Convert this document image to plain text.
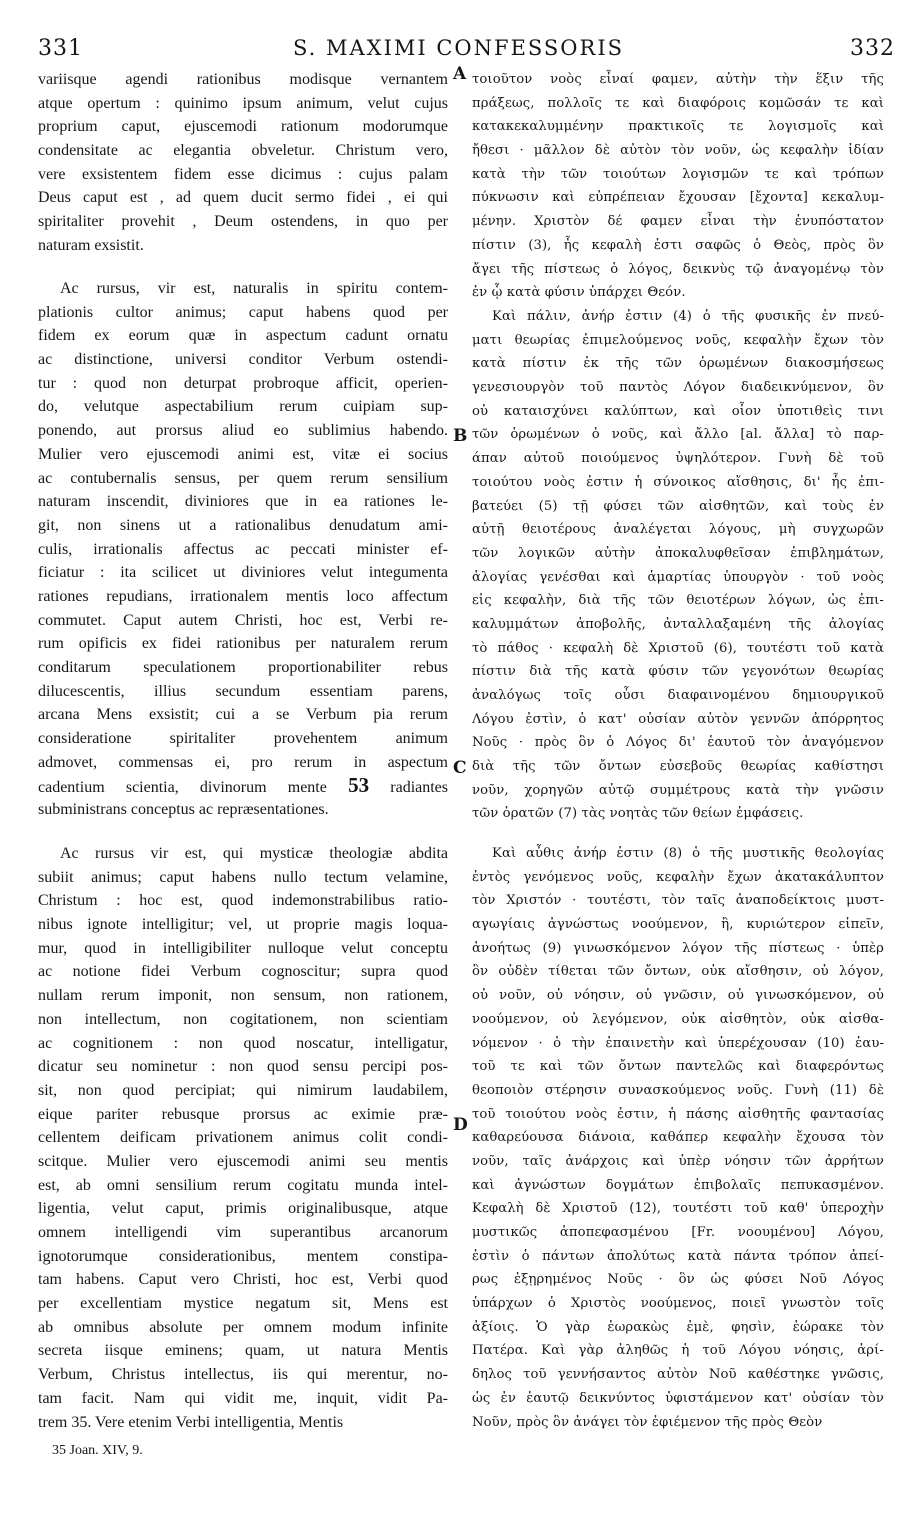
331	S. MAXIMI CONFESSORIS	332
variisque agendi rationibus modisque vernantem
atque opertum : quinimo ipsum animum, velut cujus
proprium caput, ejuscemodi rationum modorumque
condensitate ac elegantia obveletur. Christum vero,
vere exsistentem fidem esse dicimus : cujus palam
Deus caput est , ad quem ducit sermo fidei , ei qui
spiritaliter provehit , Deum ostendens, in quo per
naturam exsistit.
Ac rursus, vir est, naturalis in spiritu contem-
plationis cultor animus; caput habens quod per
fidem ex eorum quæ in aspectum cadunt ornatu
ac distinctione, universi conditor Verbum ostendi-
tur : quod non deturpat probroque afficit, operien-
do, velutque aspectabilium rerum cuipiam sup-
ponendo, aut prorsus aliud eo sublimius habendo.
Mulier vero ejuscemodi animi est, vitæ ei socius
ac contubernalis sensus, per quem rerum sensilium
naturam inscendit, diviniores que in ea rationes le-
git, non sinens ut a rationalibus denudatum ami-
culis, irrationalis affectus ac peccati minister ef-
ficiatur : ita scilicet ut diviniores velut integumenta
rationes repudians, irrationalem mentis loco affectum
commutet. Caput autem Christi, hoc est, Verbi re-
rum opificis ex fidei rationibus per naturalem rerum
conditarum speculationem proportionabiliter rebus
dilucescentis, illius secundum essentiam parens,
arcana Mens exsistit; cui a se Verbum pia rerum
consideratione spiritaliter provehentem animum
admovet, commensas ei, pro rerum in aspectum
cadentium scientia, divinorum mente 53 radiantes
subministrans conceptus ac repræsentationes.
Ac rursus vir est, qui mysticæ theologiæ abdita
subiit animus; caput habens nullo tectum velamine,
Christum : hoc est, quod indemonstrabilibus ratio-
nibus ignote intelligitur; vel, ut proprie magis loqua-
mur, quod in intelligibiliter nulloque velut conceptu
ac notione fidei Verbum cognoscitur; supra quod
nullam rerum imponit, non sensum, non rationem,
non intellectum, non cogitationem, non scientiam
ac cognitionem : non quod noscatur, intelligatur,
dicatur seu nominetur : non quod sensu percipi pos-
sit, non quod percipiat; qui nimirum laudabilem,
eique pariter rebusque prorsus ac eximie præ-
cellentem deificam privationem animus colit condi-
scitque. Mulier vero ejuscemodi animi seu mentis
est, ab omni sensilium rerum cogitatu munda intel-
ligentia, velut caput, primis originalibusque, atque
omnem intelligendi vim superantibus arcanorum
ignotorumque considerationibus, mentem constipa-
tam habens. Caput vero Christi, hoc est, Verbi quod
per excellentiam mystice negatum sit, Mens est
ab omnibus absolute per omnem modum infinite
secreta iisque eminens; quam, ut natura Mentis
Verbum, Christus intellectus, iis qui merentur, no-
tam facit. Nam qui vidit me, inquit, vidit Pa-
trem 35. Vere etenim Verbi intelligentia, Mentis
τοιοῦτον νοὸς εἶναί φαμεν, αὐτὴν τὴν ἕξιν τῆς
πράξεως, πολλοῖς τε καὶ διαφόροις κομῶσάν τε καὶ
κατακεκαλυμμένην πρακτικοῖς τε λογισμοῖς καὶ
ἤθεσι · μᾶλλον δὲ αὐτὸν τὸν νοῦν, ὡς κεφαλὴν ἰδίαν
κατὰ τὴν τῶν τοιούτων λογισμῶν τε καὶ τρόπων
πύκνωσιν καὶ εὐπρέπειαν ἔχουσαν [ἔχοντα] κεκαλυμ-
μένην. Χριστὸν δέ φαμεν εἶναι τὴν ἐνυπόστατον
πίστιν (3), ἧς κεφαλὴ ἐστι σαφῶς ὁ Θεὸς, πρὸς ὃν
ἄγει τῆς πίστεως ὁ λόγος, δεικνὺς τῷ ἀναγομένῳ τὸν
ἐν ᾧ κατὰ φύσιν ὑπάρχει Θεόν.
Καὶ πάλιν, ἀνήρ ἐστιν (4) ὁ τῆς φυσικῆς ἐν πνεύ-
ματι θεωρίας ἐπιμελούμενος νοῦς, κεφαλὴν ἔχων τὸν
κατὰ πίστιν ἐκ τῆς τῶν ὁρωμένων διακοσμήσεως
γενεσιουργὸν τοῦ παντὸς Λόγον διαδεικνύμενον, ὃν
οὐ καταισχύνει καλύπτων, καὶ οἷον ὑποτιθεὶς τινι
τῶν ὁρωμένων ὁ νοῦς, καὶ ἄλλο [al. ἄλλα] τὸ παρ-
άπαν αὐτοῦ ποιούμενος ὑψηλότερον. Γυνὴ δὲ τοῦ
τοιούτου νοὸς ἐστιν ἡ σύνοικος αἴσθησις, δι' ἧς ἐπι-
βατεύει (5) τῇ φύσει τῶν αἰσθητῶν, καὶ τοὺς ἐν
αὐτῇ θειοτέρους ἀναλέγεται λόγους, μὴ συγχωρῶν
τῶν λογικῶν αὐτὴν ἀποκαλυφθεῖσαν ἐπιβλημάτων,
ἀλογίας γενέσθαι καὶ ἁμαρτίας ὑπουργὸν · τοῦ νοὸς
εἰς κεφαλὴν, διὰ τῆς τῶν θειοτέρων λόγων, ὡς ἐπι-
καλυμμάτων ἀποβολῆς, ἀνταλλαξαμένη τῆς ἀλογίας
τὸ πάθος · κεφαλὴ δὲ Χριστοῦ (6), τουτέστι τοῦ κατὰ
πίστιν διὰ τῆς κατὰ φύσιν τῶν γεγονότων θεωρίας
ἀναλόγως τοῖς οὖσι διαφαινομένου δημιουργικοῦ
Λόγου ἐστὶν, ὁ κατ' οὐσίαν αὐτὸν γεννῶν ἀπόρρητος
Νοῦς · πρὸς ὃν ὁ Λόγος δι' ἑαυτοῦ τὸν ἀναγόμενον
διὰ τῆς τῶν ὄντων εὐσεβοῦς θεωρίας καθίστησι
νοῦν, χορηγῶν αὐτῷ συμμέτρους κατὰ τὴν γνῶσιν
τῶν ὁρατῶν (7) τὰς νοητὰς τῶν θείων ἐμφάσεις.
Καὶ αὖθις ἀνήρ ἐστιν (8) ὁ τῆς μυστικῆς θεολογίας
ἐντὸς γενόμενος νοῦς, κεφαλὴν ἔχων ἀκατακάλυπτον
τὸν Χριστόν · τουτέστι, τὸν ταῖς ἀναποδείκτοις μυστ-
αγωγίαις ἀγνώστως νοούμενον, ἢ, κυριώτερον εἰπεῖν,
ἀνοήτως (9) γινωσκόμενον λόγον τῆς πίστεως · ὑπὲρ
ὃν οὐδὲν τίθεται τῶν ὄντων, οὐκ αἴσθησιν, οὐ λόγον,
οὐ νοῦν, οὐ νόησιν, οὐ γνῶσιν, οὐ γινωσκόμενον, οὐ
νοούμενον, οὐ λεγόμενον, οὐκ αἰσθητὸν, οὐκ αἰσθα-
νόμενον · ὁ τὴν ἐπαινετὴν καὶ ὑπερέχουσαν (10) ἑαυ-
τοῦ τε καὶ τῶν ὄντων παντελῶς καὶ διαφερόντως
θεοποιὸν στέρησιν συνασκούμενος νοῦς. Γυνὴ (11) δὲ
τοῦ τοιούτου νοὸς ἐστιν, ἡ πάσης αἰσθητῆς φαντασίας
καθαρεύουσα διάνοια, καθάπερ κεφαλὴν ἔχουσα τὸν
νοῦν, ταῖς ἀνάρχοις καὶ ὑπὲρ νόησιν τῶν ἀρρήτων
καὶ ἀγνώστων δογμάτων ἐπιβολαῖς πεπυκασμένον.
Κεφαλὴ δὲ Χριστοῦ (12), τουτέστι τοῦ καθ' ὑπεροχὴν
μυστικῶς ἀποπεφασμένου [Fr. νοουμένου] Λόγου,
ἐστὶν ὁ πάντων ἀπολύτως κατὰ πάντα τρόπον ἀπεί-
ρως ἐξῃρημένος Νοῦς · ὃν ὡς φύσει Νοῦ Λόγος
ὑπάρχων ὁ Χριστὸς νοούμενος, ποιεῖ γνωστὸν τοῖς
ἀξίοις. Ὁ γὰρ ἑωρακὼς ἐμὲ, φησὶν, ἑώρακε τὸν
Πατέρα. Καὶ γὰρ ἀληθῶς ἡ τοῦ Λόγου νόησις, ἀρί-
δηλος τοῦ γεννήσαντος αὐτὸν Νοῦ καθέστηκε γνῶσις,
ὡς ἐν ἑαυτῷ δεικνύντος ὑφιστάμενον κατ' οὐσίαν τὸν
Νοῦν, πρὸς ὃν ἀνάγει τὸν ἐφιέμενον τῆς πρὸς Θεὸν
A
B
C
D
35 Joan. XIV, 9.
